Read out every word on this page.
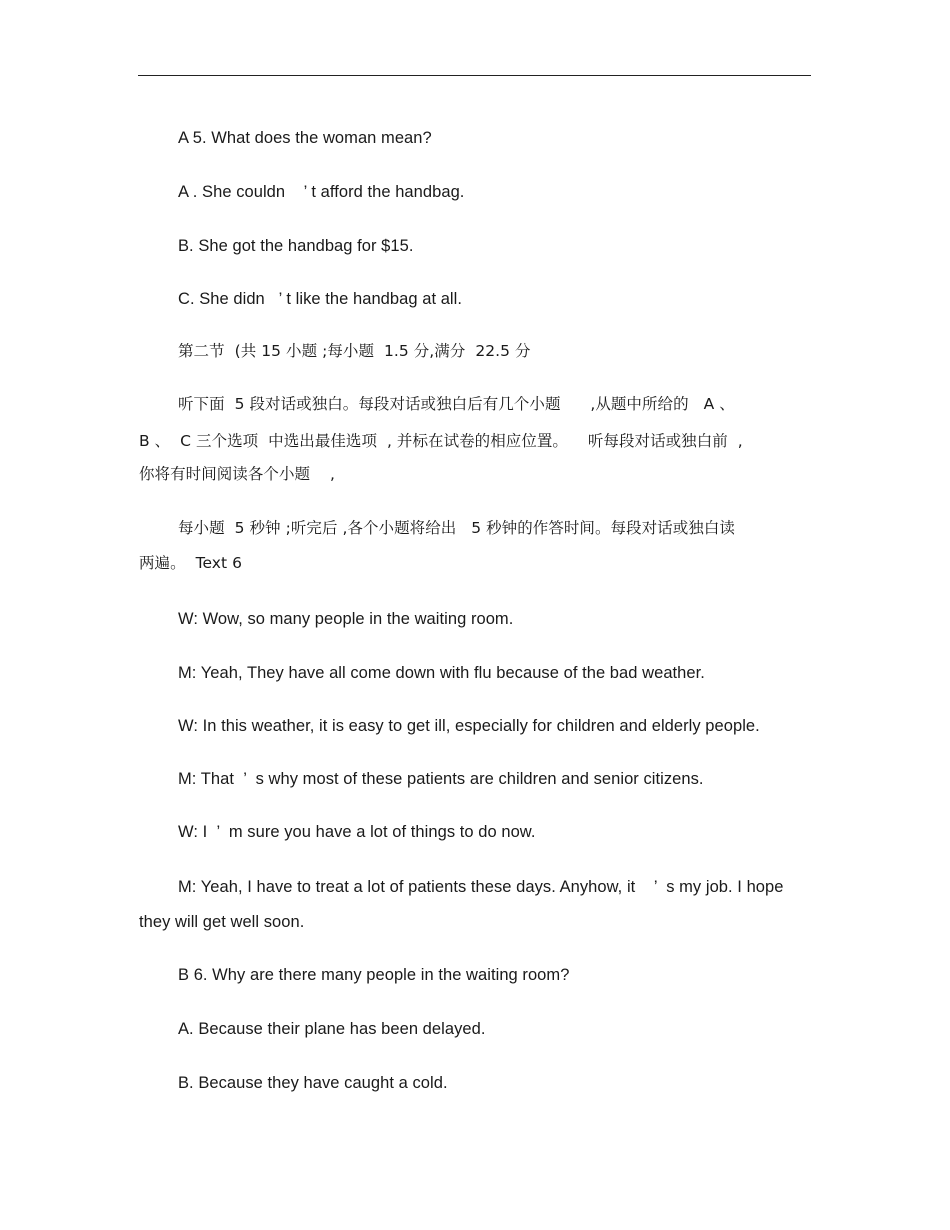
A 5. What does the woman mean?
A . She couldn    ’ t afford the handbag.
B. She got the handbag for $15.
C. She didn   ’ t like the handbag at all.
第二节  (共 15 小题 ;每小题  1.5 分,满分  22.5 分
听下面  5 段对话或独白。每段对话或独白后有几个小题      ,从题中所给的   A 、
B 、  C 三个选项  中选出最佳选项  , 并标在试卷的相应位置。    听每段对话或独白前  ,
你将有时间阅读各个小题    ,
每小题  5 秒钟 ;听完后 ,各个小题将给出   5 秒钟的作答时间。每段对话或独白读
两遍。  Text 6
W: Wow, so many people in the waiting room.
M: Yeah, They have all come down with flu because of the bad weather.
W: In this weather, it is easy to get ill, especially for children and elderly people.
M: That  ’  s why most of these patients are children and senior citizens.
W: I  ’  m sure you have a lot of things to do now.
M: Yeah, I have to treat a lot of patients these days. Anyhow, it    ’  s my job. I hope
they will get well soon.
B 6. Why are there many people in the waiting room?
A. Because their plane has been delayed.
B. Because they have caught a cold.
